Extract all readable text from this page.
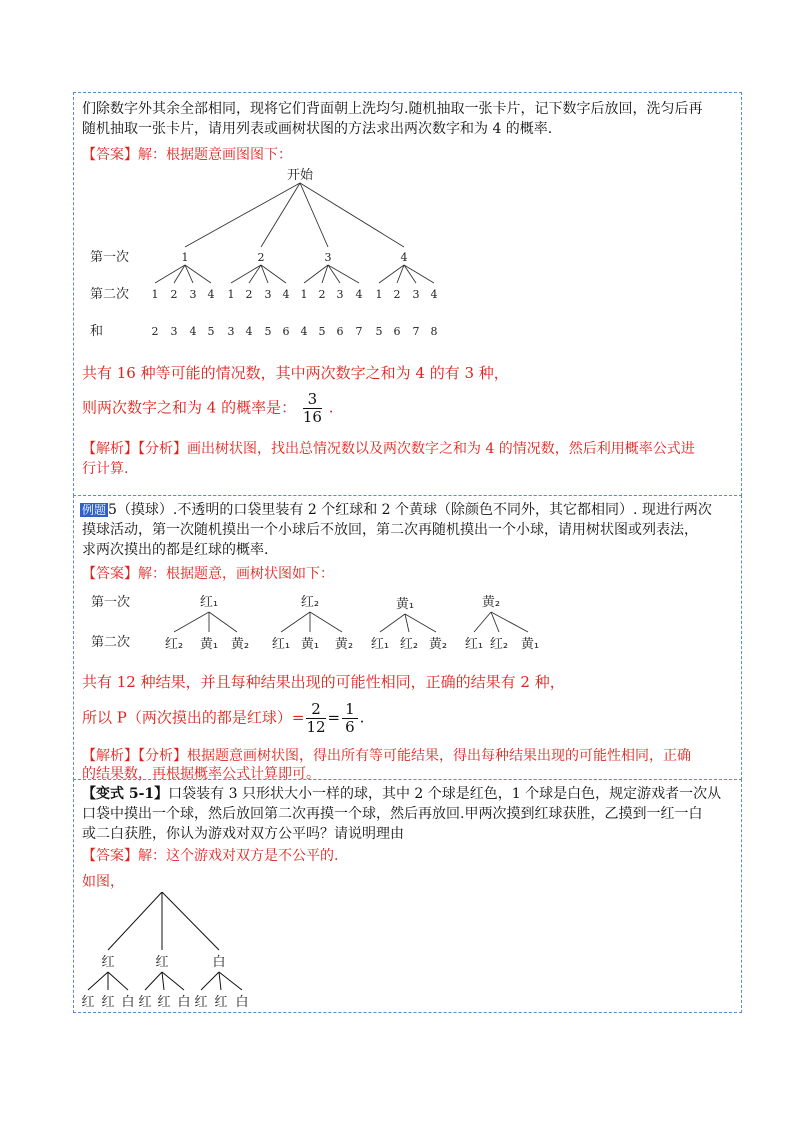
们除数字外其余全部相同，现将它们背面朝上洗均匀.随机抽取一张卡片，记下数字后放回，洗匀后再
随机抽取一张卡片，请用列表或画树状图的方法求出两次数字和为 4 的概率.
【答案】解：根据题意画图图下：
开始
第一次
第二次
和
1	2	3	4
1 2 3 4 1 2 3 4 1 2 3 4 1 2 3 4
2 3 4 5 3 4 5 6 4 5 6 7 5 6 7 8
共有 16 种等可能的情况数，其中两次数字之和为 4 的有 3 种，
则两次数字之和为 4 的概率是： $\frac{3}{16}$ .
【解析】【分析】画出树状图，找出总情况数以及两次数字之和为 4 的情况数，然后利用概率公式进
行计算.
例题 5（摸球）.不透明的口袋里装有 2 个红球和 2 个黄球（除颜色不同外，其它都相同）. 现进行两次
摸球活动，第一次随机摸出一个小球后不放回，第二次再随机摸出一个小球，请用树状图或列表法，
求两次摸出的都是红球的概率.
【答案】解：根据题意，画树状图如下：
第一次
第二次
红₁	红₂	黄₁	黄₂
红₂ 黄₁ 黄₂ 红₁ 黄₁ 黄₂ 红₁ 红₂ 黄₂ 红₁ 红₂ 黄₁
共有 12 种结果，并且每种结果出现的可能性相同，正确的结果有 2 种，
所以 P（两次摸出的都是红球）= $\frac{2}{12} = \frac{1}{6}$ .
【解析】【分析】根据题意画树状图，得出所有等可能结果，得出每种结果出现的可能性相同，正确
的结果数，再根据概率公式计算即可。
【变式 5-1】口袋装有 3 只形状大小一样的球，其中 2 个球是红色，1 个球是白色，规定游戏者一次从
口袋中摸出一个球，然后放回第二次再摸一个球，然后再放回.甲两次摸到红球获胜，乙摸到一红一白
或二白获胜，你认为游戏对双方公平吗？请说明理由
【答案】解：这个游戏对双方是不公平的.
如图，
红	红	白
红 红 白 红 红 白 红 红 白
